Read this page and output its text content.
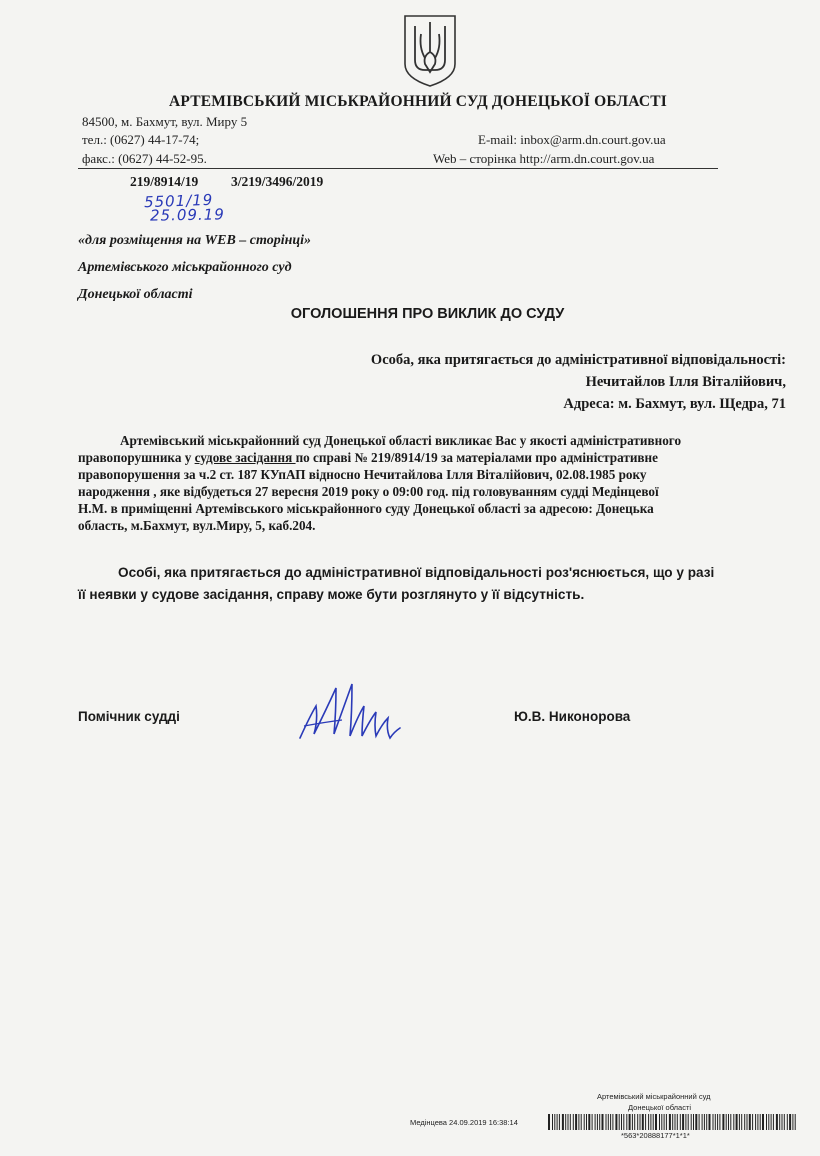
АРТЕМІВСЬКИЙ МІСЬКРАЙОННИЙ СУД ДОНЕЦЬКОЇ ОБЛАСТІ
84500, м. Бахмут, вул. Миру 5
тел.: (0627) 44-17-74;
факс.: (0627) 44-52-95.
E-mail: inbox@arm.dn.court.gov.ua
Web – сторінка http://arm.dn.court.gov.ua
219/8914/19 3/219/3496/2019
5501/19
25.09.19
«для розміщення на WEB – сторінці»
Артемівського міськрайонного суд
Донецької області
ОГОЛОШЕННЯ ПРО ВИКЛИК ДО СУДУ
Особа, яка притягається до адміністративної відповідальності:
Нечитайлов Ілля Віталійович,
Адреса: м. Бахмут, вул. Щедра, 71
Артемівський міськрайонний суд Донецької області викликає Вас у якості адміністративного
правопорушника у судове засідання по справі № 219/8914/19 за матеріалами про адміністративне
правопорушення за ч.2 ст. 187 КУпАП відносно Нечитайлова Ілля Віталійович, 02.08.1985 року
народження , яке відбудеться 27 вересня 2019 року о 09:00 год. під головуванням судді Медінцевої
Н.М. в приміщенні Артемівського міськрайонного суду Донецької області за адресою: Донецька
область, м.Бахмут, вул.Миру, 5, каб.204.
Особі, яка притягається до адміністративної відповідальності роз'яснюється, що у разі
її неявки у судове засідання, справу може бути розглянуто у її відсутність.
Помічник судді	Ю.В. Никонорова
Артемівський міськрайонний суд
Донецької області
Медінцева 24.09.2019 16:38:14
*563*20888177*1*1*
